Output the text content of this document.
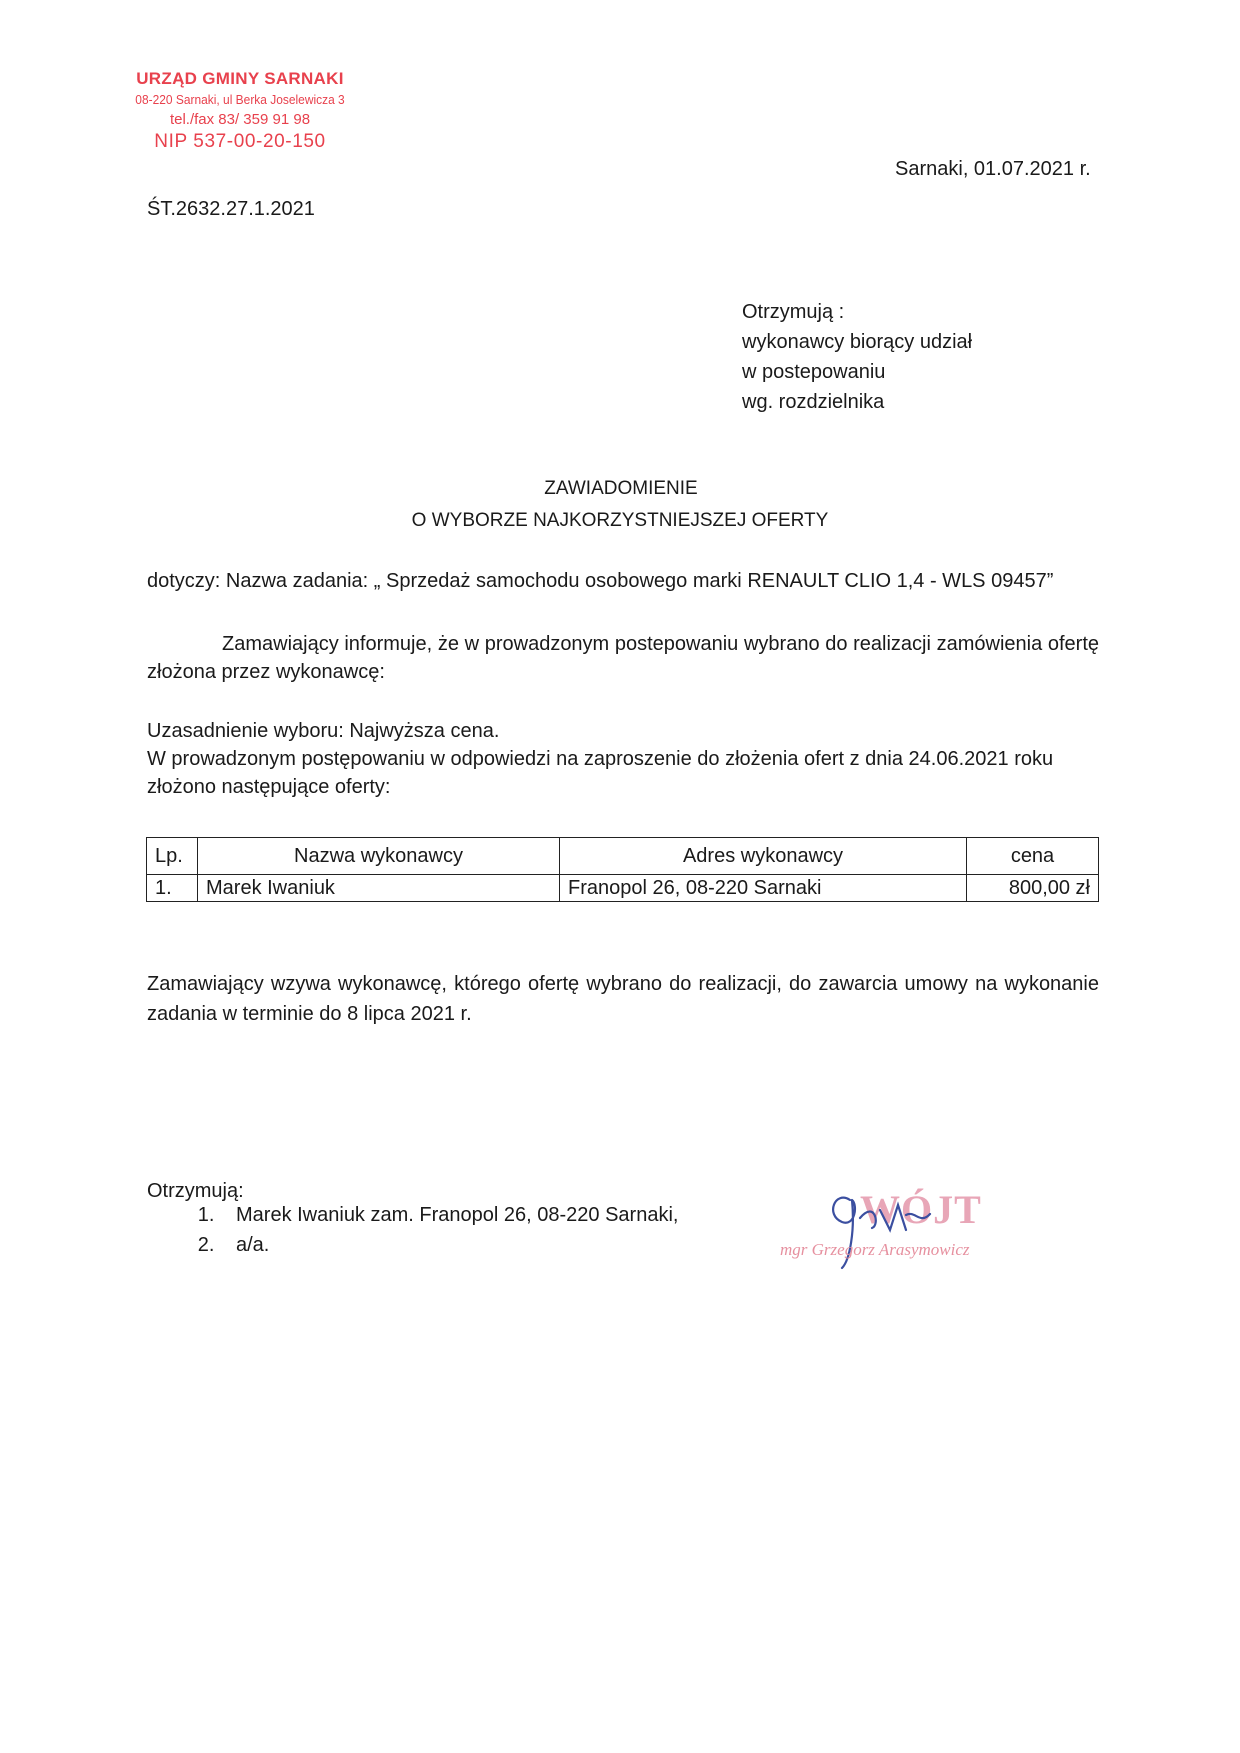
URZĄD GMINY SARNAKI
08-220 Sarnaki, ul Berka Joselewicza 3
tel./fax 83/ 359 91 98
NIP 537-00-20-150
Sarnaki, 01.07.2021 r.
ŚT.2632.27.1.2021
Otrzymują :
wykonawcy biorący udział
w postepowaniu
wg. rozdzielnika
ZAWIADOMIENIE
O WYBORZE NAJKORZYSTNIEJSZEJ OFERTY
dotyczy: Nazwa zadania: „ Sprzedaż samochodu osobowego marki RENAULT CLIO 1,4 - WLS 09457”
Zamawiający informuje, że w prowadzonym postepowaniu wybrano do realizacji zamówienia ofertę złożona przez wykonawcę:
Uzasadnienie wyboru: Najwyższa cena.
W prowadzonym postępowaniu w odpowiedzi na zaproszenie do złożenia ofert z dnia 24.06.2021 roku złożono następujące oferty:
Lp.	Nazwa wykonawcy	Adres wykonawcy	cena
1.	Marek Iwaniuk	Franopol 26, 08-220 Sarnaki	800,00 zł
Zamawiający wzywa wykonawcę, którego ofertę wybrano do realizacji, do zawarcia umowy na wykonanie zadania w terminie do 8 lipca 2021 r.
Otrzymują:
1. Marek Iwaniuk zam. Franopol 26, 08-220 Sarnaki,
2. a/a.
WÓJT
mgr Grzegorz Arasymowicz
